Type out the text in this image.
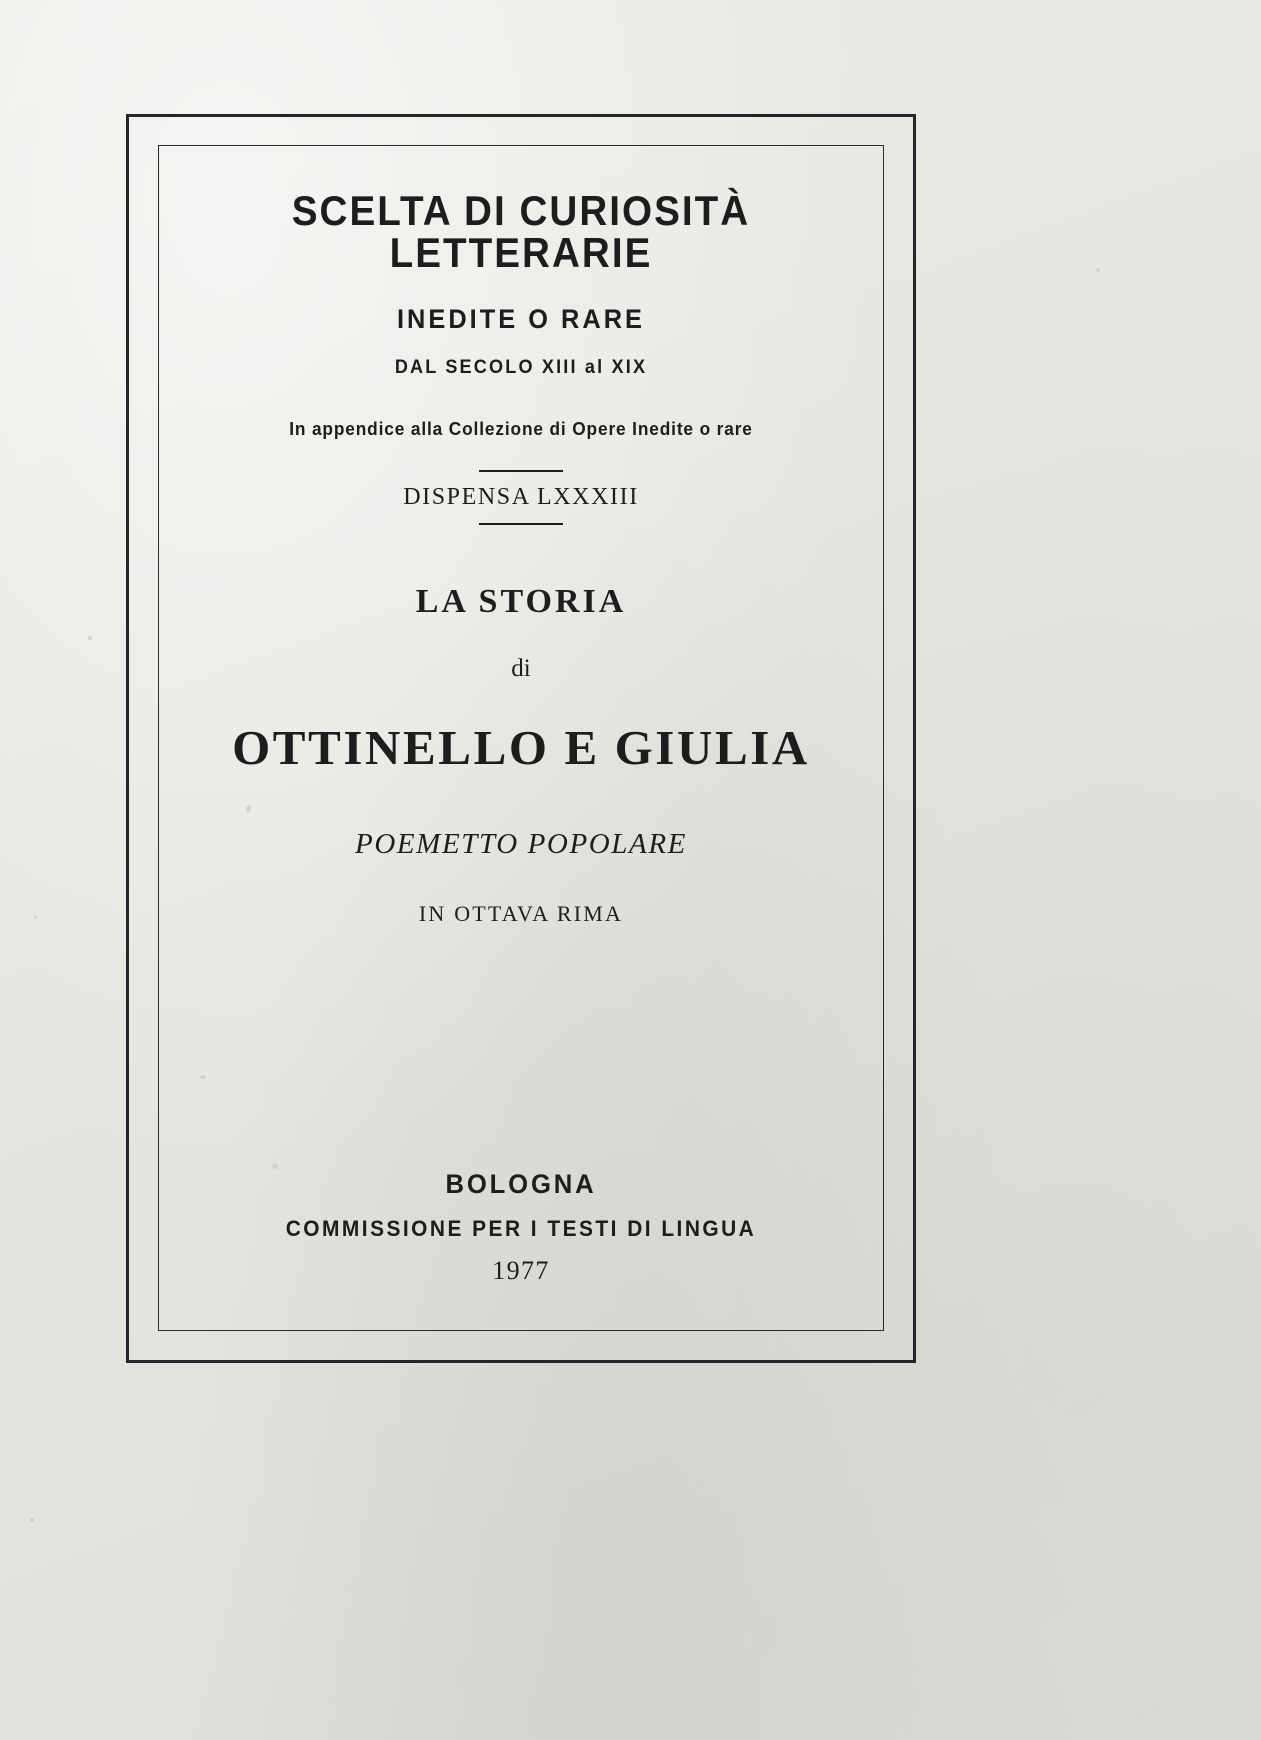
SCELTA DI CURIOSITÀ LETTERARIE
INEDITE O RARE
DAL SECOLO XIII al XIX
In appendice alla Collezione di Opere Inedite o rare
DISPENSA LXXXIII
LA STORIA
di
OTTINELLO E GIULIA
POEMETTO POPOLARE
IN OTTAVA RIMA
BOLOGNA
COMMISSIONE PER I TESTI DI LINGUA
1977
